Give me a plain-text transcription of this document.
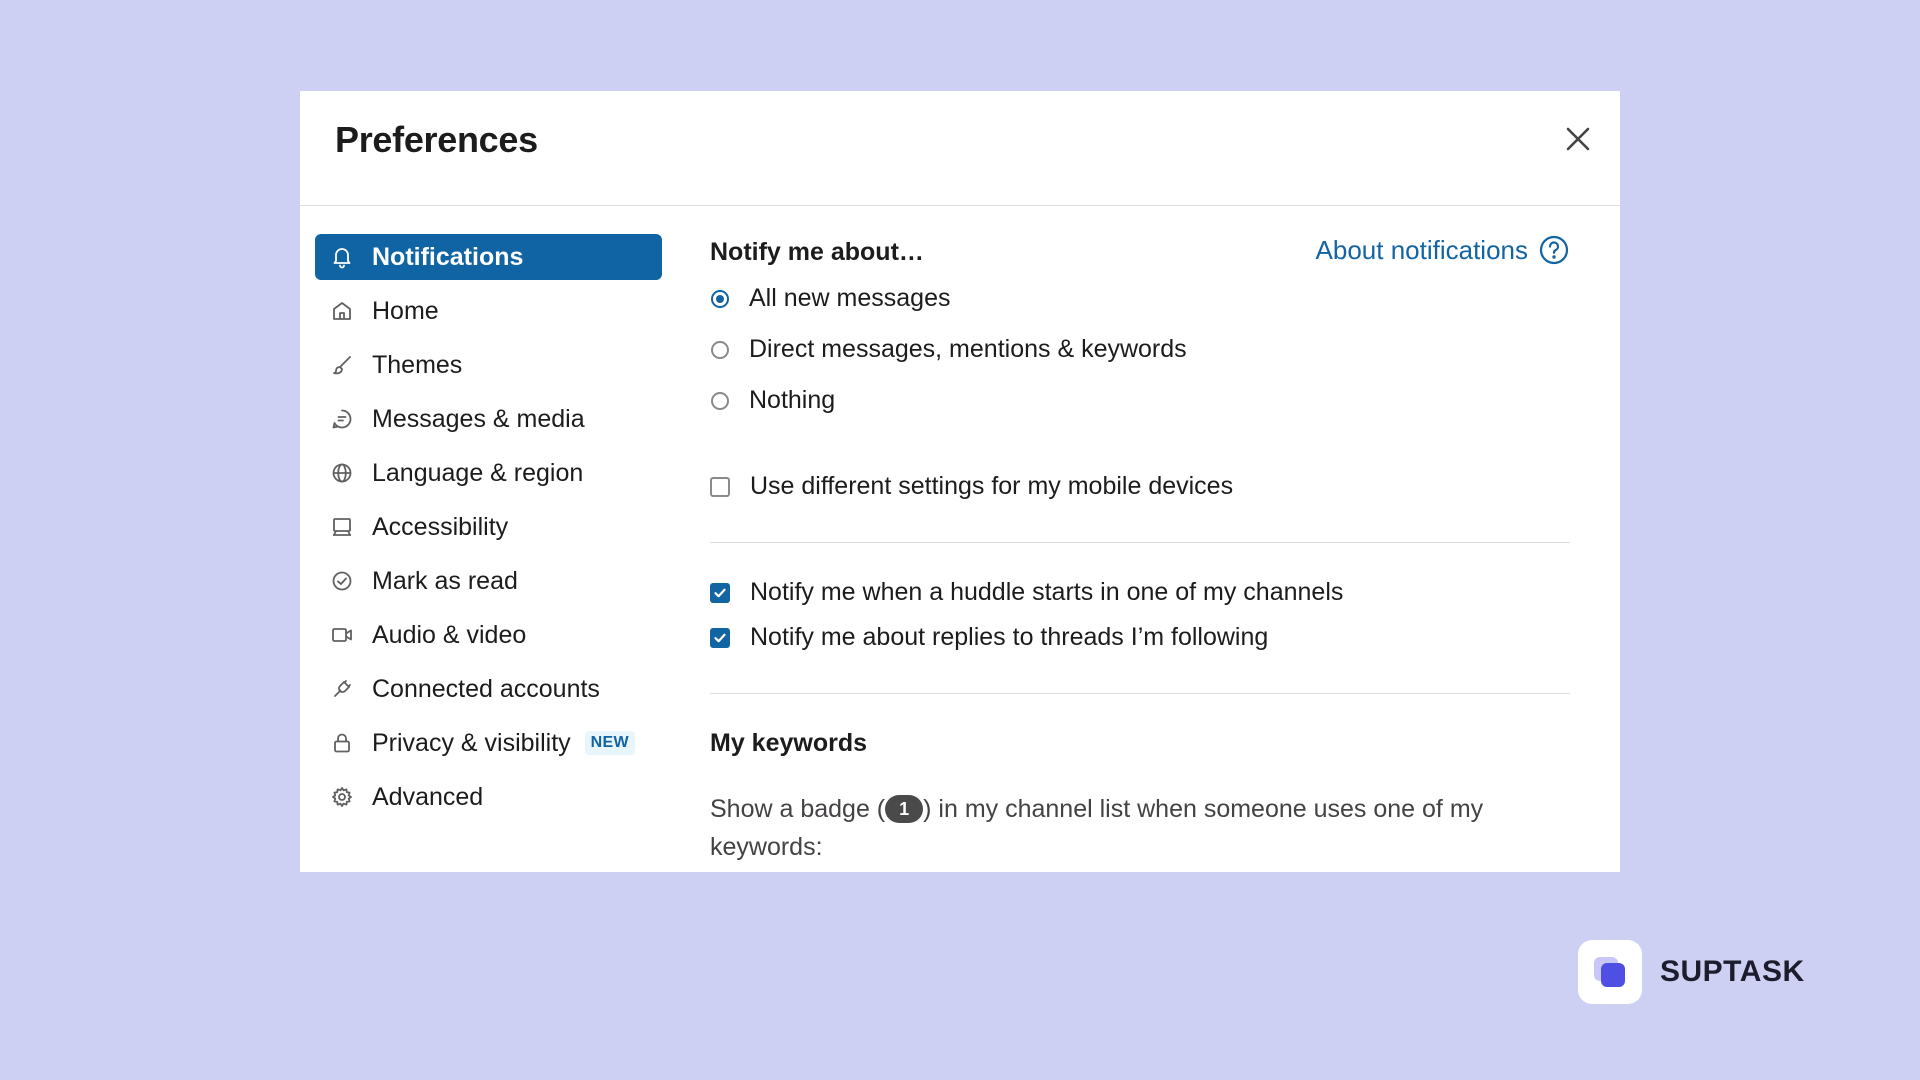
Preferences
Notifications
Home
Themes
Messages & media
Language & region
Accessibility
Mark as read
Audio & video
Connected accounts
Privacy & visibility	NEW
Advanced
Notify me about…	About notifications
All new messages
Direct messages, mentions & keywords
Nothing
Use different settings for my mobile devices
Notify me when a huddle starts in one of my channels
Notify me about replies to threads I’m following
My keywords
Show a badge ( 1 ) in my channel list when someone uses one of my keywords:
SUPTASK
